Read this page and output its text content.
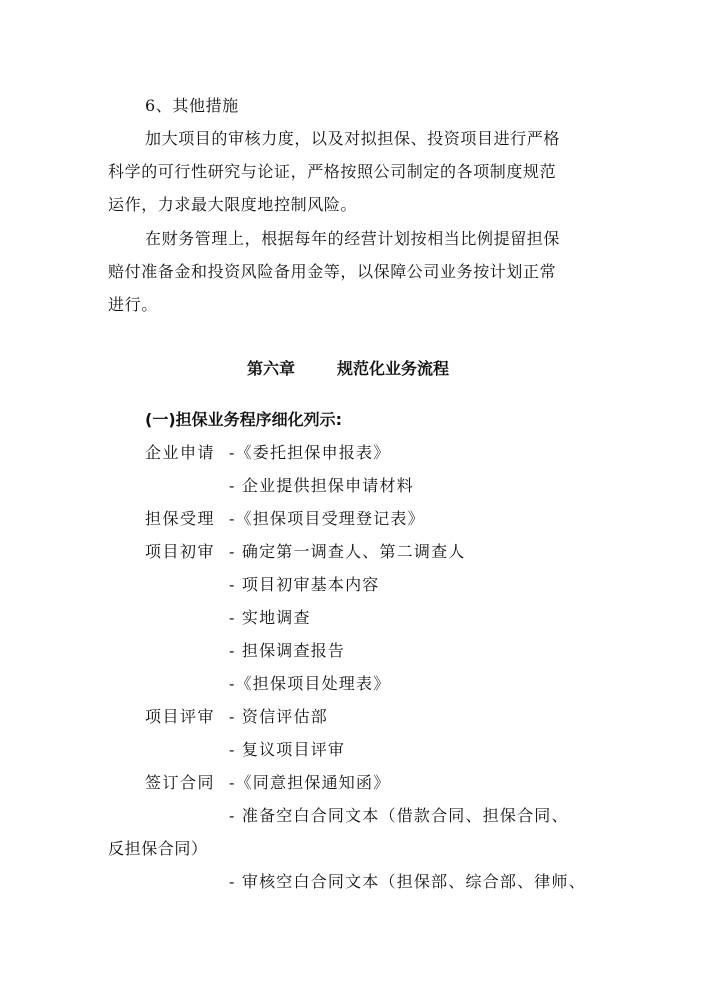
6、其他措施
加大项目的审核力度，以及对拟担保、投资项目进行严格
科学的可行性研究与论证，严格按照公司制定的各项制度规范
运作，力求最大限度地控制风险。
在财务管理上，根据每年的经营计划按相当比例提留担保
赔付准备金和投资风险备用金等，以保障公司业务按计划正常
进行。
第六章	规范化业务流程
(一)担保业务程序细化列示:
企业申请 -《委托担保申报表》
- 企业提供担保申请材料
担保受理 -《担保项目受理登记表》
项目初审 - 确定第一调查人、第二调查人
- 项目初审基本内容
- 实地调查
- 担保调查报告
-《担保项目处理表》
项目评审 - 资信评估部
- 复议项目评审
签订合同 -《同意担保通知函》
- 准备空白合同文本（借款合同、担保合同、
反担保合同）
- 审核空白合同文本（担保部、综合部、律师、
